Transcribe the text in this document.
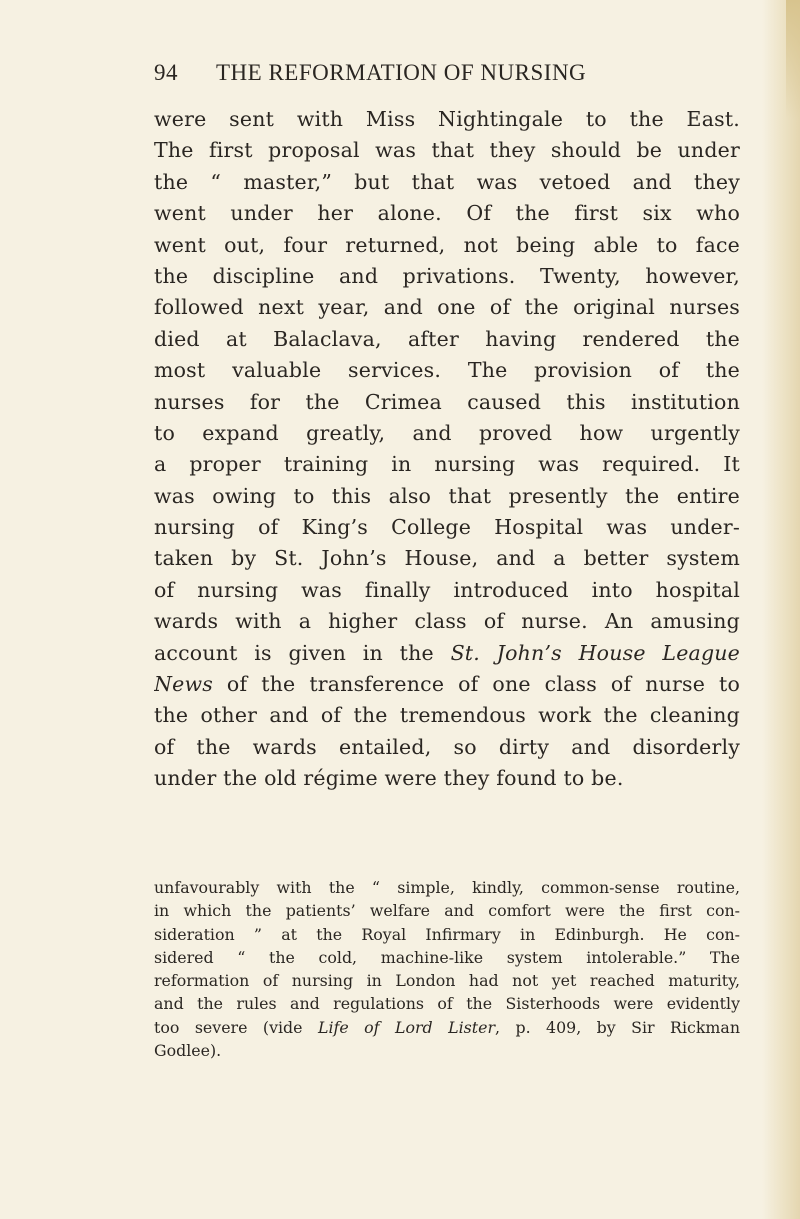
94 THE REFORMATION OF NURSING
were sent with Miss Nightingale to the East.
The first proposal was that they should be under
the “ master,” but that was vetoed and they
went under her alone. Of the first six who
went out, four returned, not being able to face
the discipline and privations. Twenty, however,
followed next year, and one of the original nurses
died at Balaclava, after having rendered the
most valuable services. The provision of the
nurses for the Crimea caused this institution
to expand greatly, and proved how urgently
a proper training in nursing was required. It
was owing to this also that presently the entire
nursing of King’s College Hospital was under-
taken by St. John’s House, and a better system
of nursing was finally introduced into hospital
wards with a higher class of nurse. An amusing
account is given in the St. John’s House League
News of the transference of one class of nurse to
the other and of the tremendous work the cleaning
of the wards entailed, so dirty and disorderly
under the old régime were they found to be.
unfavourably with the “ simple, kindly, common-sense routine,
in which the patients’ welfare and comfort were the first con-
sideration ” at the Royal Infirmary in Edinburgh. He con-
sidered “ the cold, machine-like system intolerable.” The
reformation of nursing in London had not yet reached maturity,
and the rules and regulations of the Sisterhoods were evidently
too severe (vide Life of Lord Lister, p. 409, by Sir Rickman
Godlee).
